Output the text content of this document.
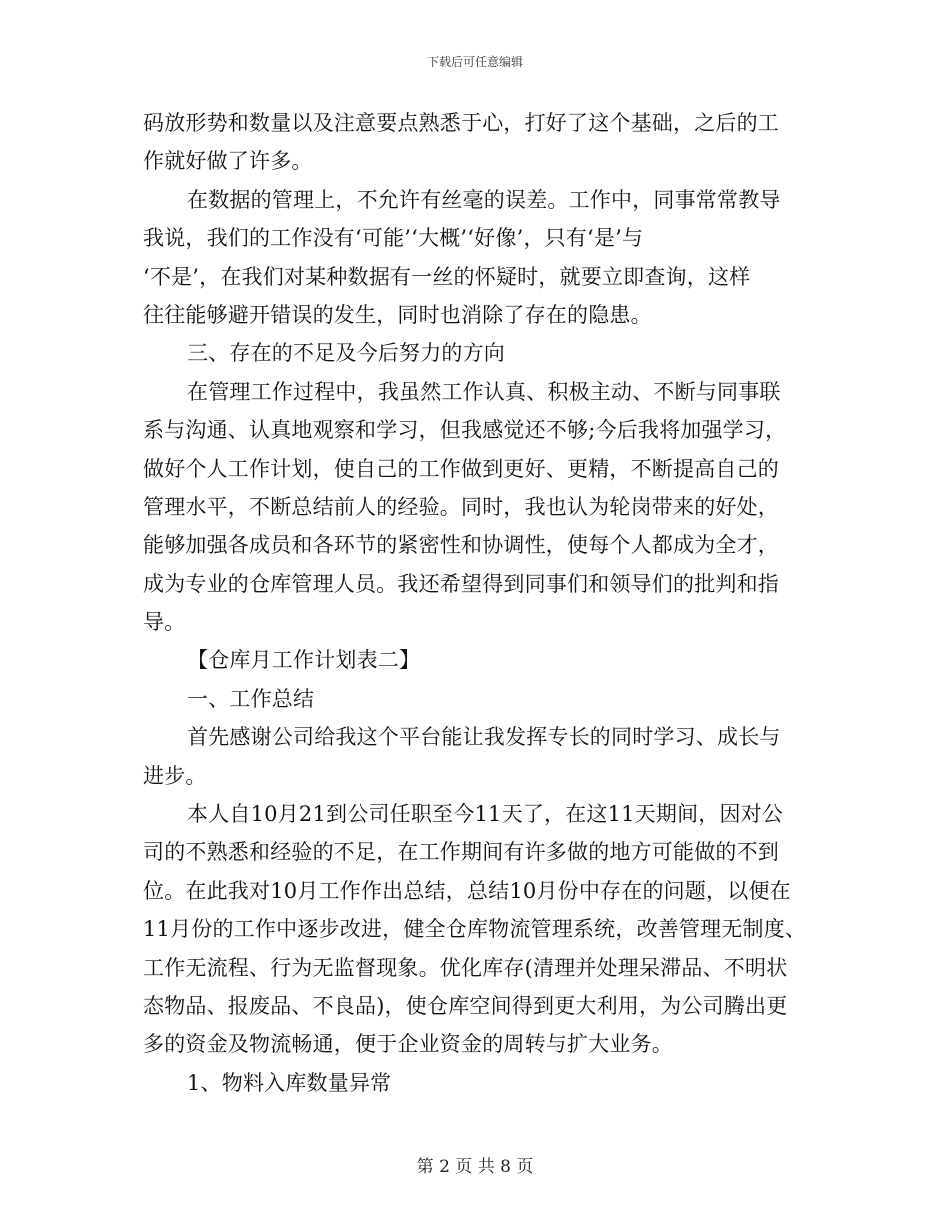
下载后可任意编辑
码放形势和数量以及注意要点熟悉于心，打好了这个基础，之后的工
作就好做了许多。
在数据的管理上，不允许有丝毫的误差。工作中，同事常常教导
我说，我们的工作没有‘可能’‘大概’‘好像’，只有‘是’与
‘不是’，在我们对某种数据有一丝的怀疑时，就要立即查询，这样
往往能够避开错误的发生，同时也消除了存在的隐患。
三、存在的不足及今后努力的方向
在管理工作过程中，我虽然工作认真、积极主动、不断与同事联
系与沟通、认真地观察和学习，但我感觉还不够;今后我将加强学习，
做好个人工作计划，使自己的工作做到更好、更精，不断提高自己的
管理水平，不断总结前人的经验。同时，我也认为轮岗带来的好处，
能够加强各成员和各环节的紧密性和协调性，使每个人都成为全才，
成为专业的仓库管理人员。我还希望得到同事们和领导们的批判和指
导。
【仓库月工作计划表二】
一、工作总结
首先感谢公司给我这个平台能让我发挥专长的同时学习、成长与
进步。
本人自10月21到公司任职至今11天了，在这11天期间，因对公
司的不熟悉和经验的不足，在工作期间有许多做的地方可能做的不到
位。在此我对10月工作作出总结，总结10月份中存在的问题，以便在
11月份的工作中逐步改进，健全仓库物流管理系统，改善管理无制度、
工作无流程、行为无监督现象。优化库存(清理并处理呆滞品、不明状
态物品、报废品、不良品)，使仓库空间得到更大利用，为公司腾出更
多的资金及物流畅通，便于企业资金的周转与扩大业务。
1、物料入库数量异常
第 2 页 共 8 页
